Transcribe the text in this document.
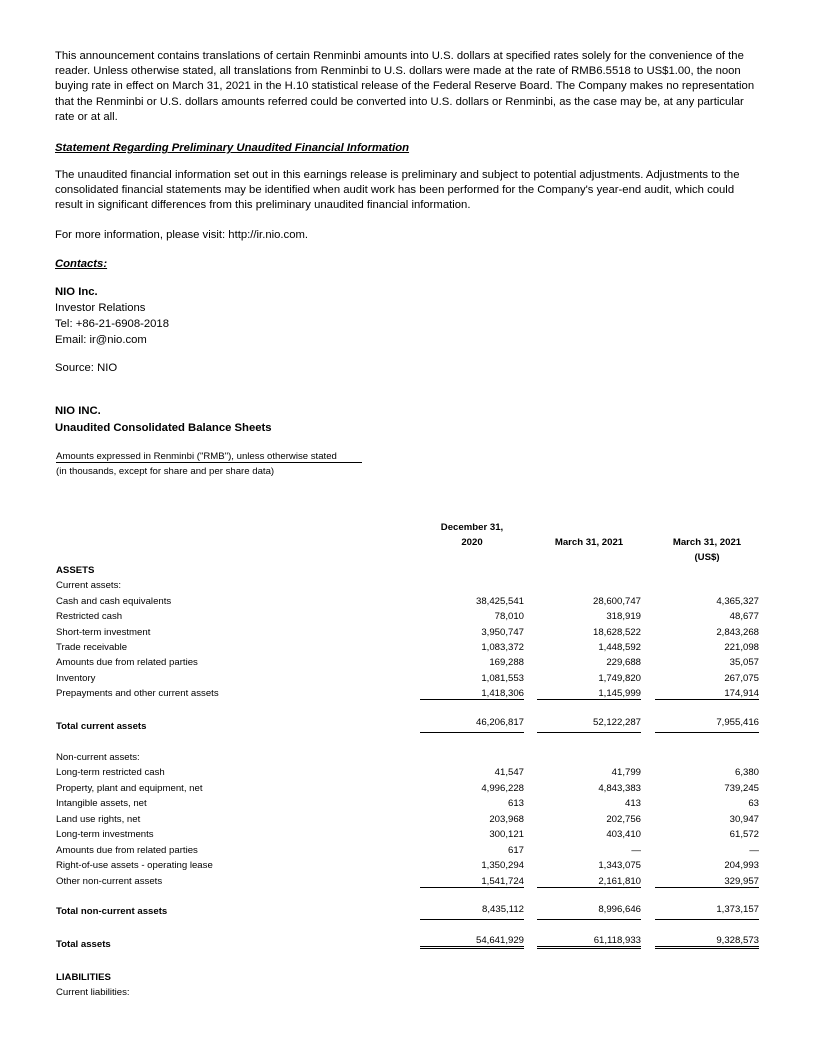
This announcement contains translations of certain Renminbi amounts into U.S. dollars at specified rates solely for the convenience of the reader. Unless otherwise stated, all translations from Renminbi to U.S. dollars were made at the rate of RMB6.5518 to US$1.00, the noon buying rate in effect on March 31, 2021 in the H.10 statistical release of the Federal Reserve Board. The Company makes no representation that the Renminbi or U.S. dollars amounts referred could be converted into U.S. dollars or Renminbi, as the case may be, at any particular rate or at all.
Statement Regarding Preliminary Unaudited Financial Information
The unaudited financial information set out in this earnings release is preliminary and subject to potential adjustments. Adjustments to the consolidated financial statements may be identified when audit work has been performed for the Company's year-end audit, which could result in significant differences from this preliminary unaudited financial information.
For more information, please visit: http://ir.nio.com.
Contacts:
NIO Inc.
Investor Relations
Tel: +86-21-6908-2018
Email: ir@nio.com
Source: NIO
NIO INC.
Unaudited Consolidated Balance Sheets
Amounts expressed in Renminbi ("RMB"), unless otherwise stated
(in thousands, except for share and per share data)
December 31,
2020	March 31, 2021	March 31, 2021
(US$)
ASSETS
Current assets:
Cash and cash equivalents	38,425,541	28,600,747	4,365,327
Restricted cash	78,010	318,919	48,677
Short-term investment	3,950,747	18,628,522	2,843,268
Trade receivable	1,083,372	1,448,592	221,098
Amounts due from related parties	169,288	229,688	35,057
Inventory	1,081,553	1,749,820	267,075
Prepayments and other current assets	1,418,306	1,145,999	174,914
Total current assets	46,206,817	52,122,287	7,955,416
Non-current assets:
Long-term restricted cash	41,547	41,799	6,380
Property, plant and equipment, net	4,996,228	4,843,383	739,245
Intangible assets, net	613	413	63
Land use rights, net	203,968	202,756	30,947
Long-term investments	300,121	403,410	61,572
Amounts due from related parties	617	—	—
Right-of-use assets - operating lease	1,350,294	1,343,075	204,993
Other non-current assets	1,541,724	2,161,810	329,957
Total non-current assets	8,435,112	8,996,646	1,373,157
Total assets	54,641,929	61,118,933	9,328,573
LIABILITIES
Current liabilities:
